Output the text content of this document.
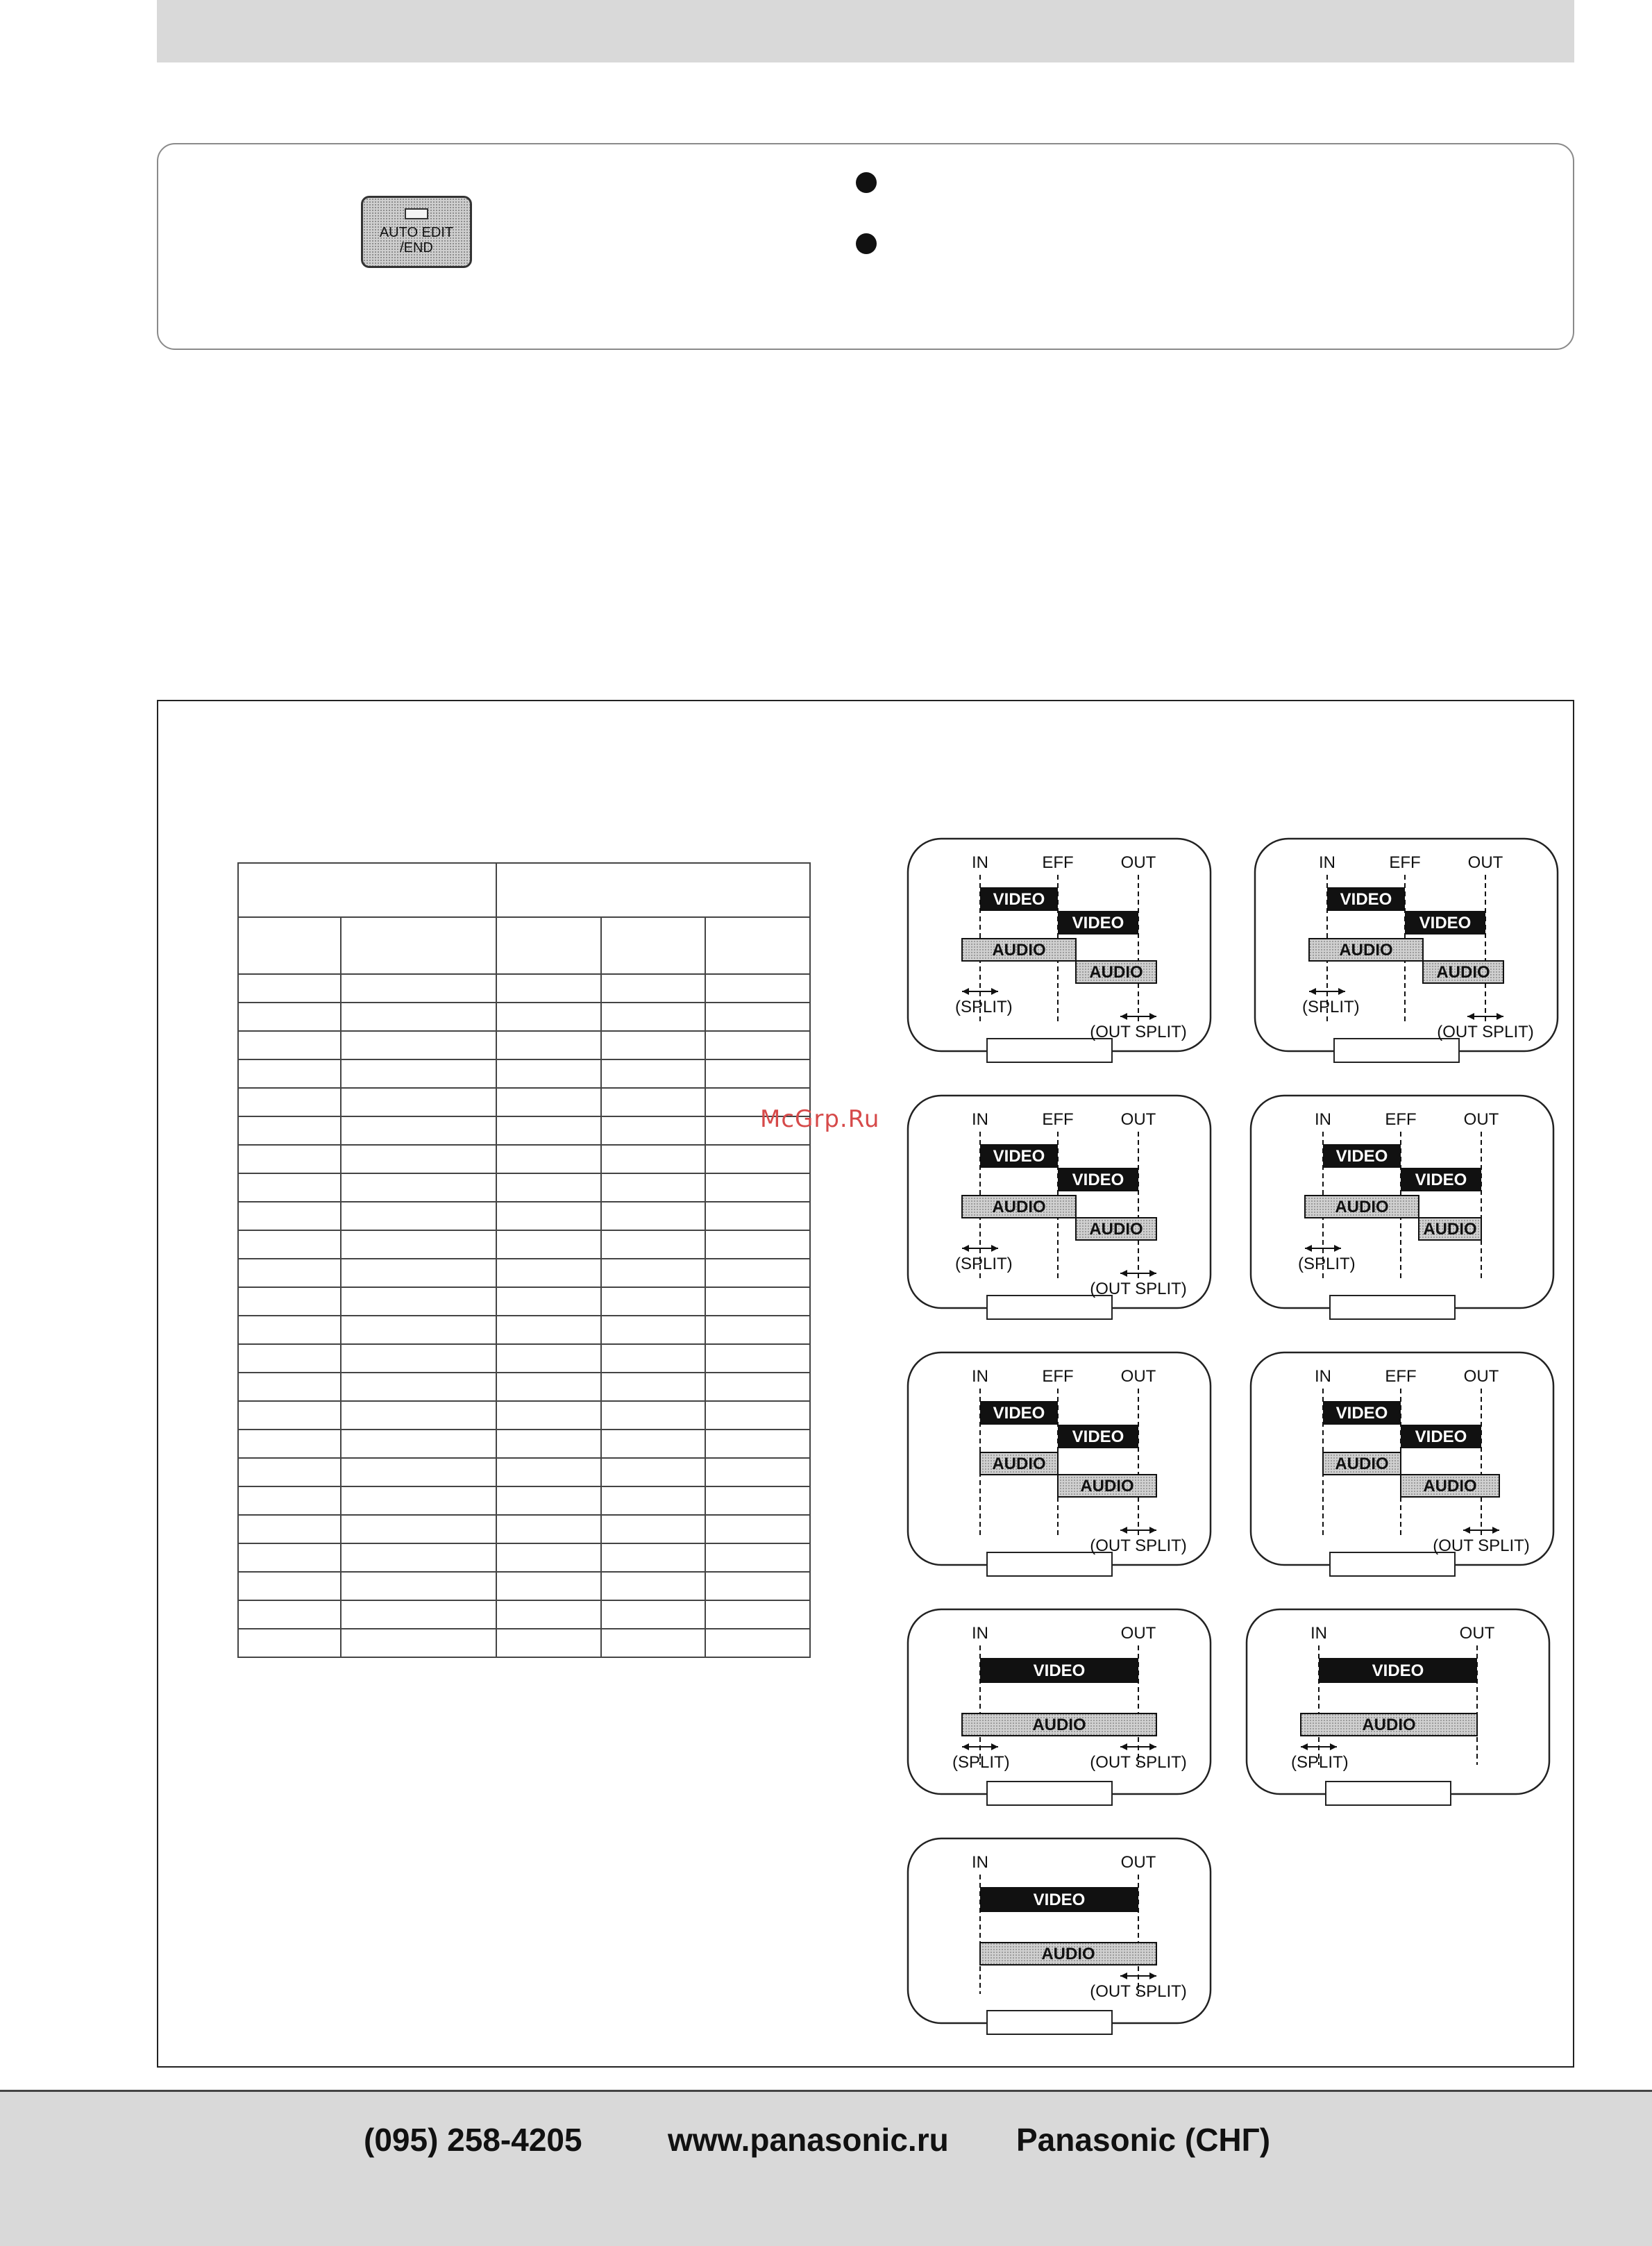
AUTO EDIT
/END

IN	EFF	OUT
VIDEO
VIDEO
AUDIO
AUDIO
(SPLIT)
(OUT SPLIT)
IN	EFF	OUT
VIDEO
VIDEO
AUDIO
AUDIO
(SPLIT)
(OUT SPLIT)
IN	EFF	OUT
VIDEO
VIDEO
AUDIO
AUDIO
(SPLIT)
(OUT SPLIT)
IN	EFF	OUT
VIDEO
VIDEO
AUDIO
AUDIO
(SPLIT)
IN	EFF	OUT
VIDEO
VIDEO
AUDIO
AUDIO
(OUT SPLIT)
IN	EFF	OUT
VIDEO
VIDEO
AUDIO
AUDIO
(OUT SPLIT)
IN	OUT
VIDEO
AUDIO
(SPLIT)	(OUT SPLIT)
IN	OUT
VIDEO
AUDIO
(SPLIT)
IN	OUT
VIDEO
AUDIO
(OUT SPLIT)
McGrp.Ru
(095) 258-4205	www.panasonic.ru Panasonic (СНГ)
